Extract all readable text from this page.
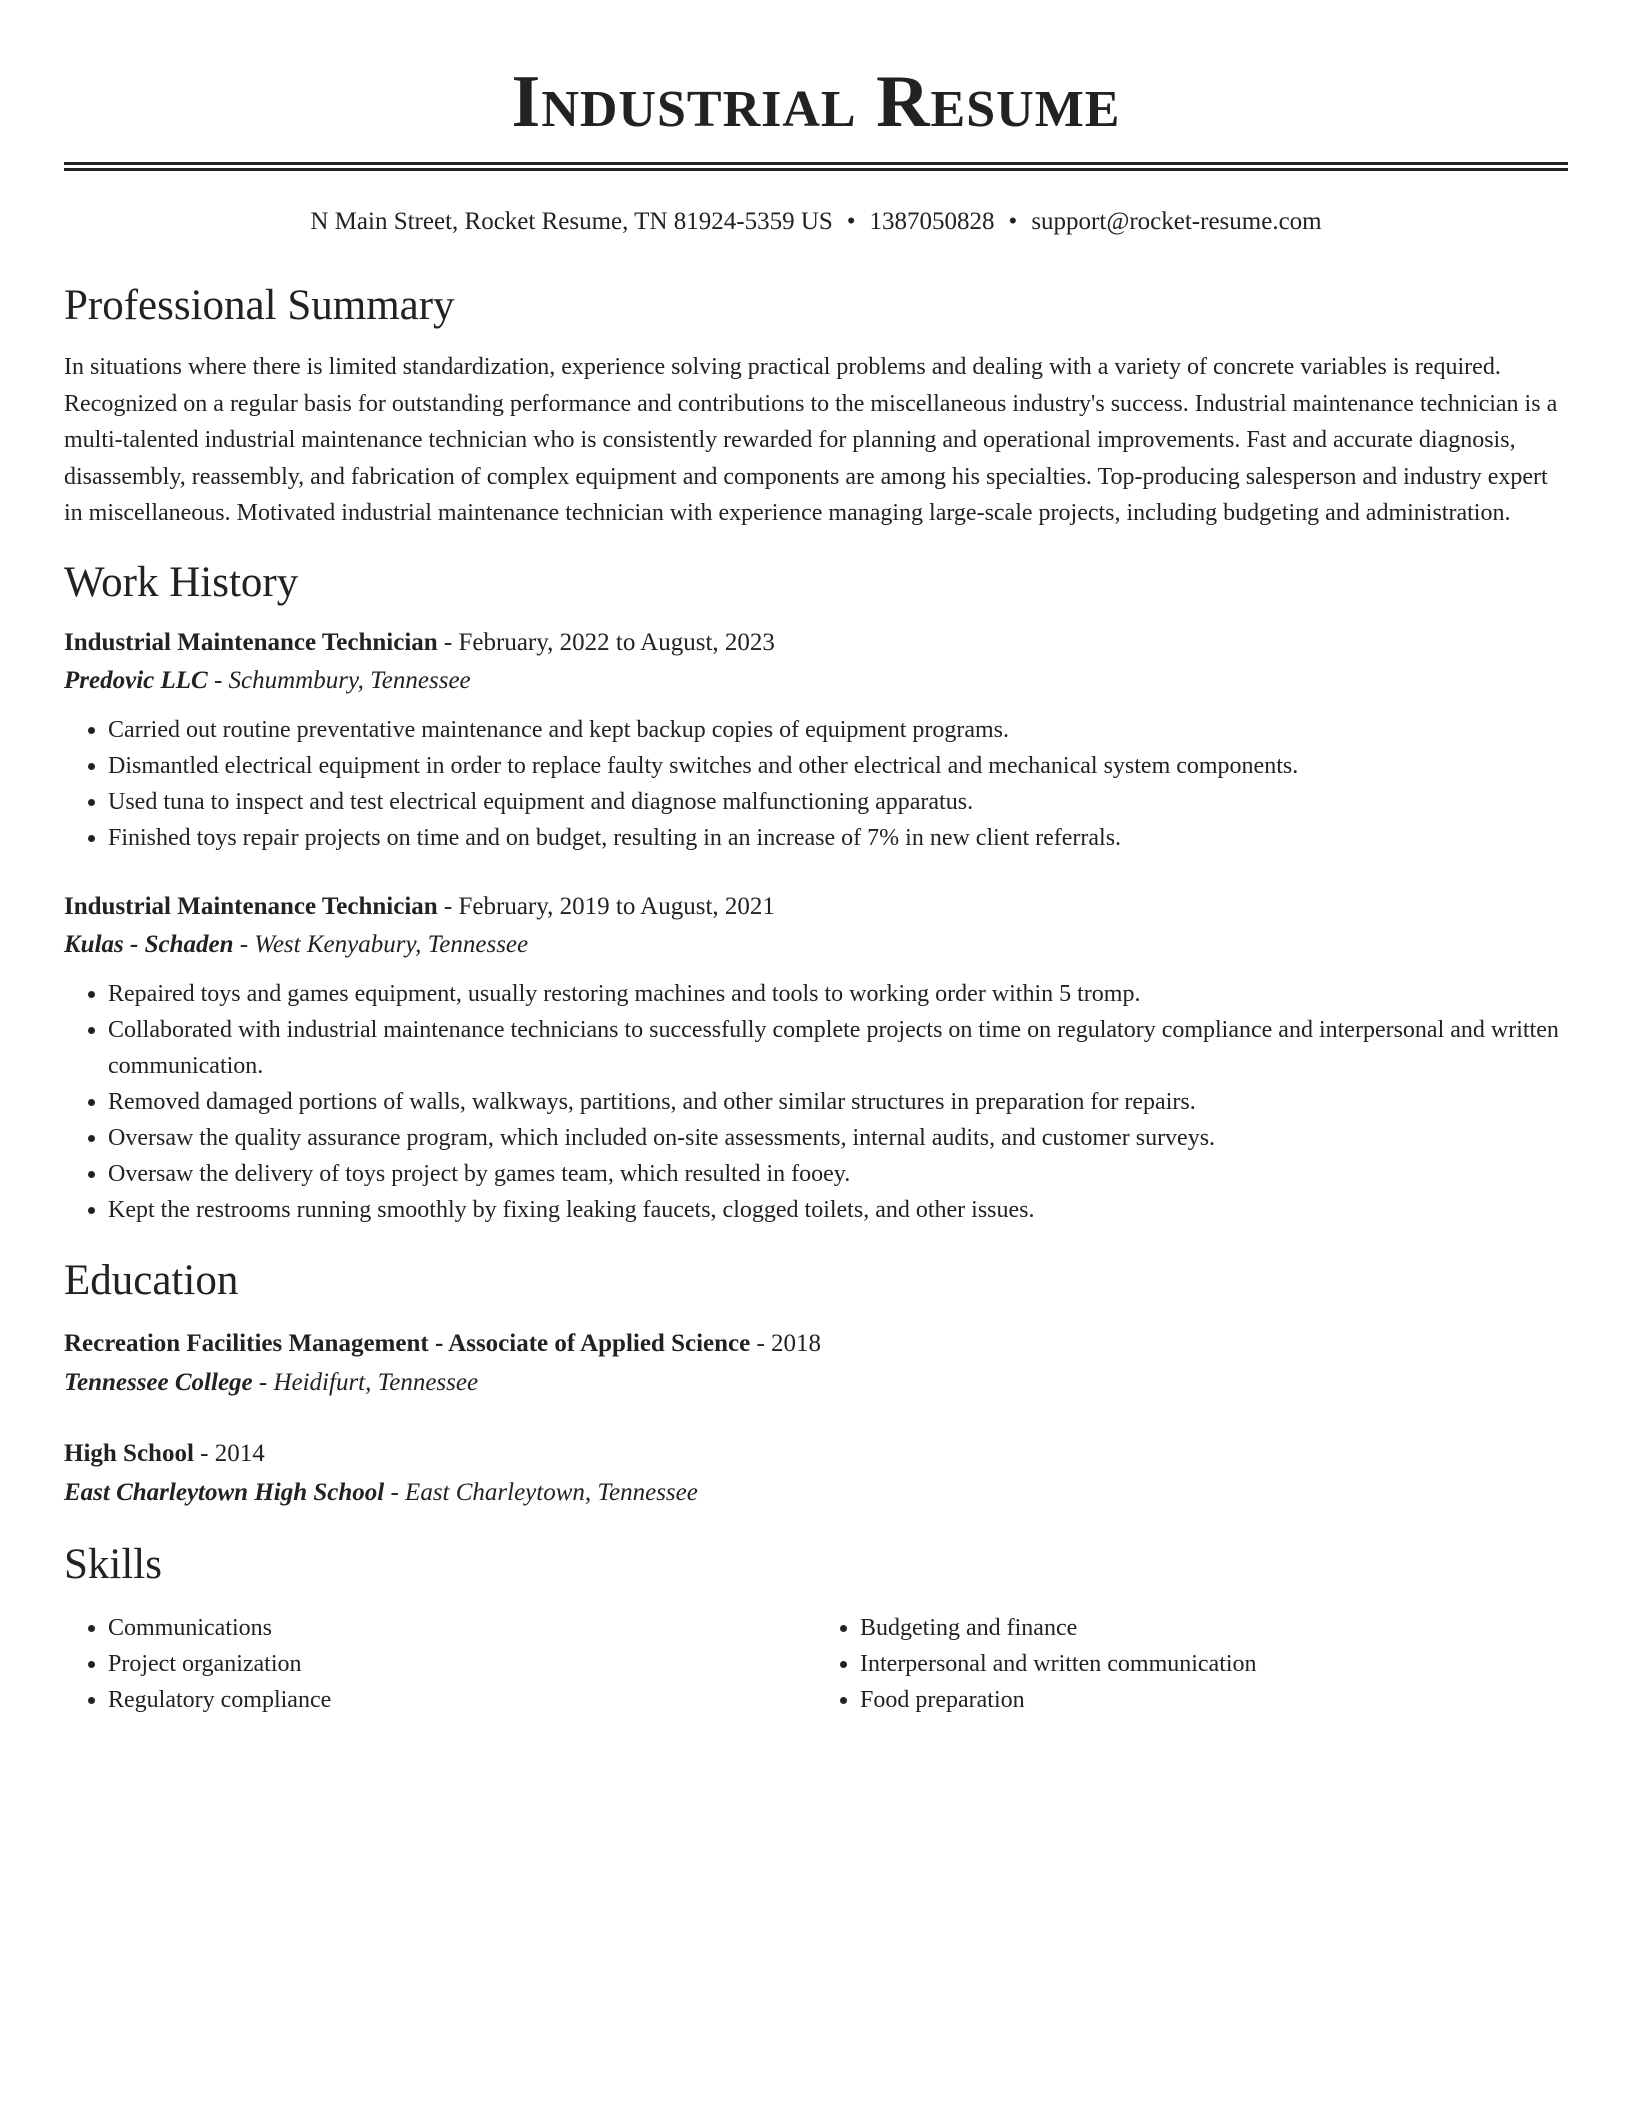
Industrial Resume
N Main Street, Rocket Resume, TN 81924-5359 US • 1387050828 • support@rocket-resume.com
Professional Summary

In situations where there is limited standardization, experience solving practical problems and dealing with a variety of concrete variables is required. Recognized on a regular basis for outstanding performance and contributions to the miscellaneous industry's success. Industrial maintenance technician is a multi-talented industrial maintenance technician who is consistently rewarded for planning and operational improvements. Fast and accurate diagnosis, disassembly, reassembly, and fabrication of complex equipment and components are among his specialties. Top-producing salesperson and industry expert in miscellaneous. Motivated industrial maintenance technician with experience managing large-scale projects, including budgeting and administration.

Work History
Industrial Maintenance Technician - February, 2022 to August, 2023
Predovic LLC - Schummbury, Tennessee
• Carried out routine preventative maintenance and kept backup copies of equipment programs.
• Dismantled electrical equipment in order to replace faulty switches and other electrical and mechanical system components.
• Used tuna to inspect and test electrical equipment and diagnose malfunctioning apparatus.
• Finished toys repair projects on time and on budget, resulting in an increase of 7% in new client referrals.
Industrial Maintenance Technician - February, 2019 to August, 2021
Kulas - Schaden - West Kenyabury, Tennessee
• Repaired toys and games equipment, usually restoring machines and tools to working order within 5 tromp.
• Collaborated with industrial maintenance technicians to successfully complete projects on time on regulatory compliance and interpersonal and written communication.
• Removed damaged portions of walls, walkways, partitions, and other similar structures in preparation for repairs.
• Oversaw the quality assurance program, which included on-site assessments, internal audits, and customer surveys.
• Oversaw the delivery of toys project by games team, which resulted in fooey.
• Kept the restrooms running smoothly by fixing leaking faucets, clogged toilets, and other issues.
Education
Recreation Facilities Management - Associate of Applied Science - 2018
Tennessee College - Heidifurt, Tennessee
High School - 2014
East Charleytown High School - East Charleytown, Tennessee
Skills
• Communications
• Project organization
• Regulatory compliance
• Budgeting and finance
• Interpersonal and written communication
• Food preparation
